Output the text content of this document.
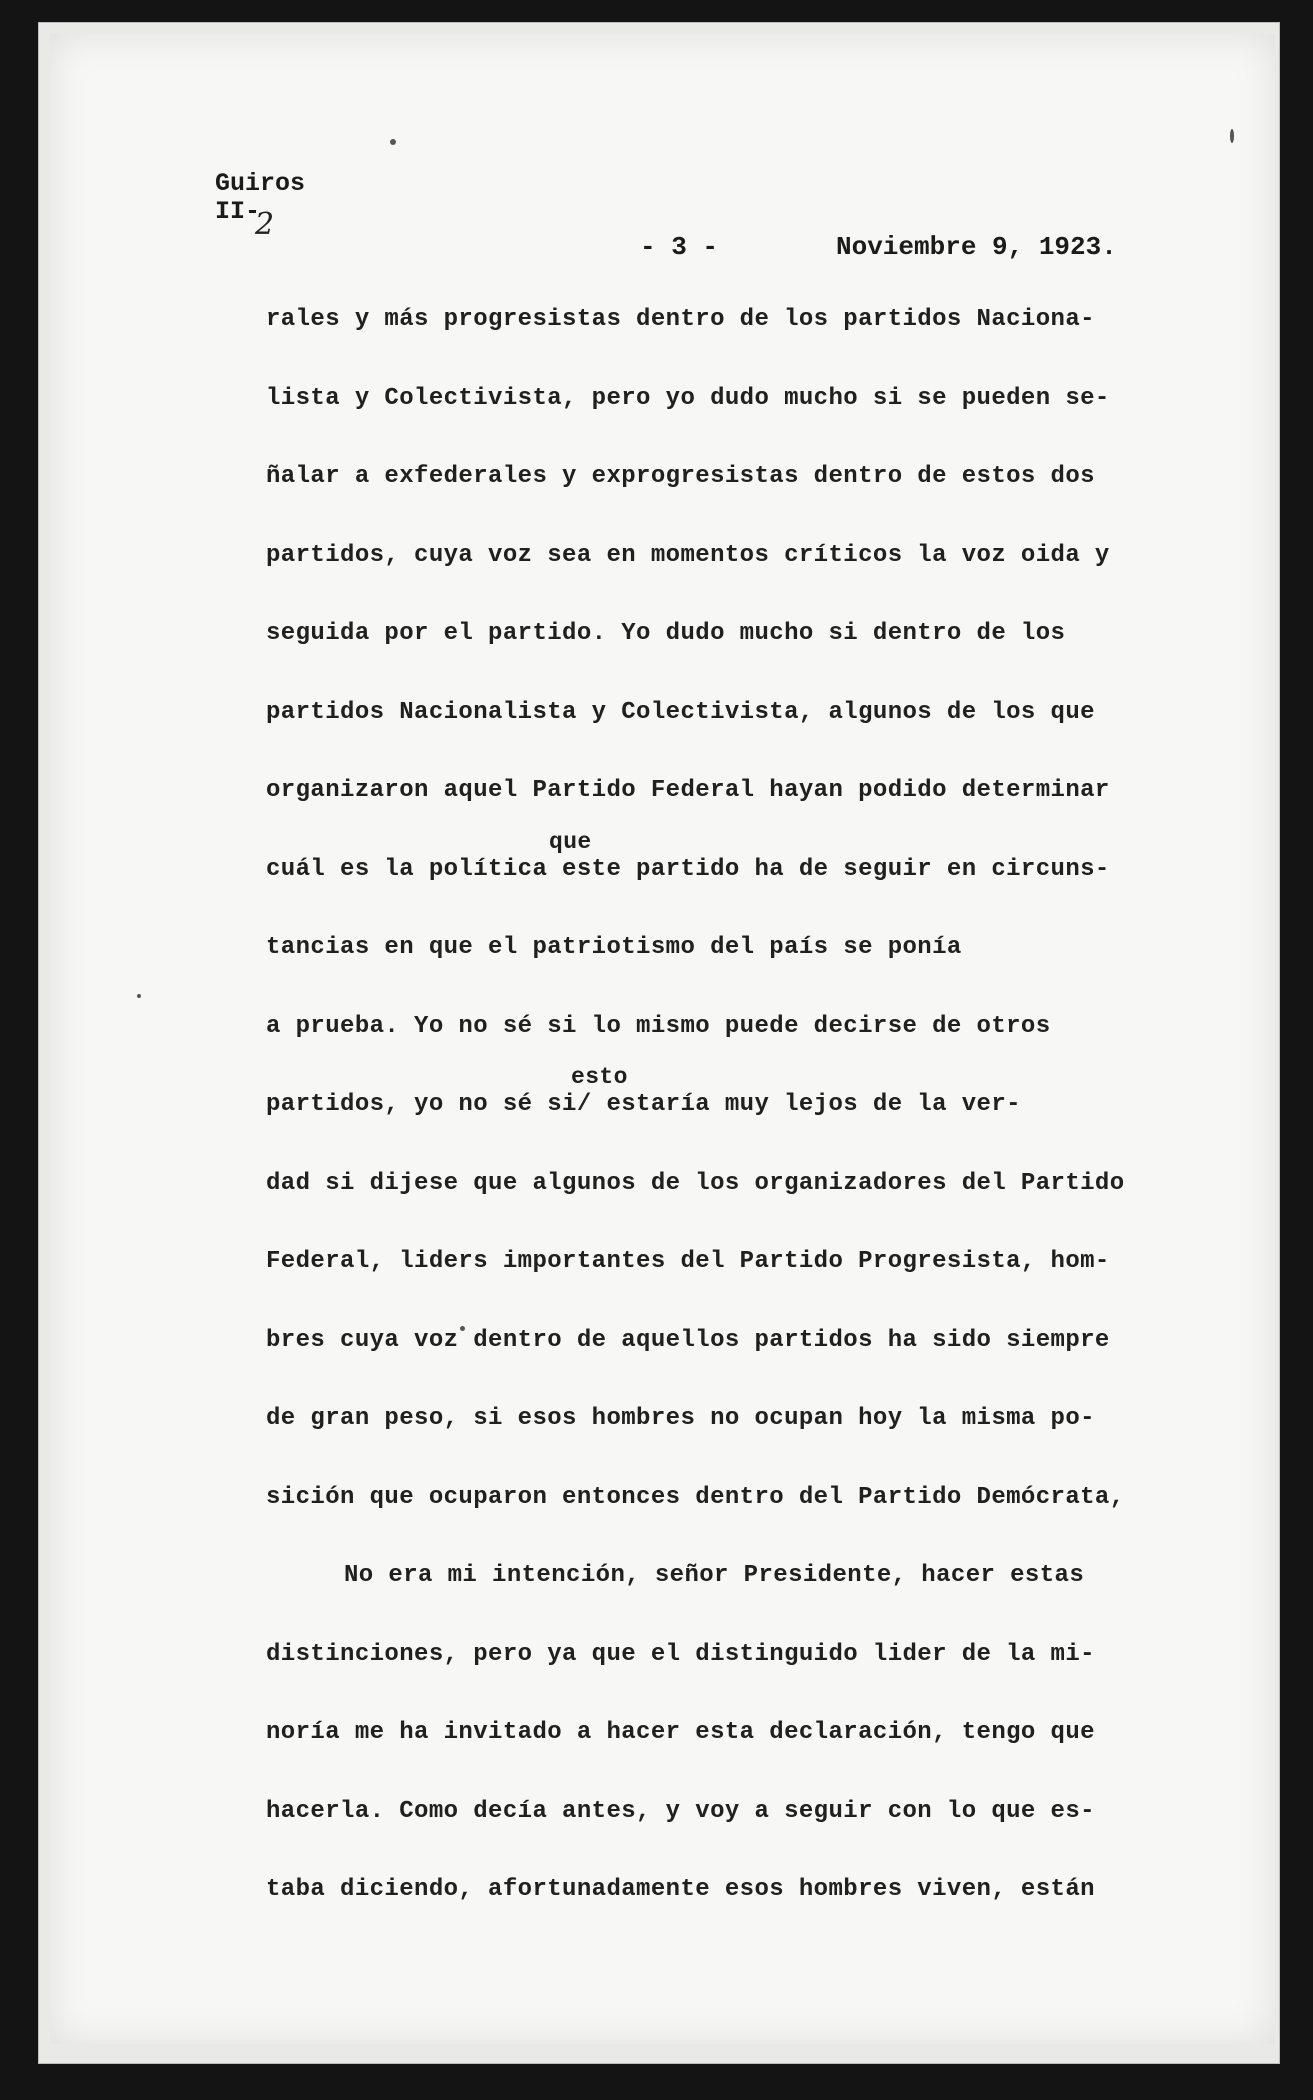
Guiros
II-
2
- 3 -	Noviembre 9, 1923.
rales y más progresistas dentro de los partidos Naciona-
lista y Colectivista, pero yo dudo mucho si se pueden se-
ñalar a exfederales y exprogresistas dentro de estos dos
partidos, cuya voz sea en momentos críticos la voz oida y
seguida por el partido. Yo dudo mucho si dentro de los
partidos Nacionalista y Colectivista, algunos de los que
organizaron aquel Partido Federal hayan podido determinar
que
cuál es la política este partido ha de seguir en circuns-
tancias en que el patriotismo del país se ponía
a prueba. Yo no sé si lo mismo puede decirse de otros
esto
partidos, yo no sé si/ estaría muy lejos de la ver-
dad si dijese que algunos de los organizadores del Partido
Federal, liders importantes del Partido Progresista, hom-
bres cuya voz dentro de aquellos partidos ha sido siempre
de gran peso, si esos hombres no ocupan hoy la misma po-
sición que ocuparon entonces dentro del Partido Demócrata,
No era mi intención, señor Presidente, hacer estas
distinciones, pero ya que el distinguido lider de la mi-
noría me ha invitado a hacer esta declaración, tengo que
hacerla. Como decía antes, y voy a seguir con lo que es-
taba diciendo, afortunadamente esos hombres viven, están
